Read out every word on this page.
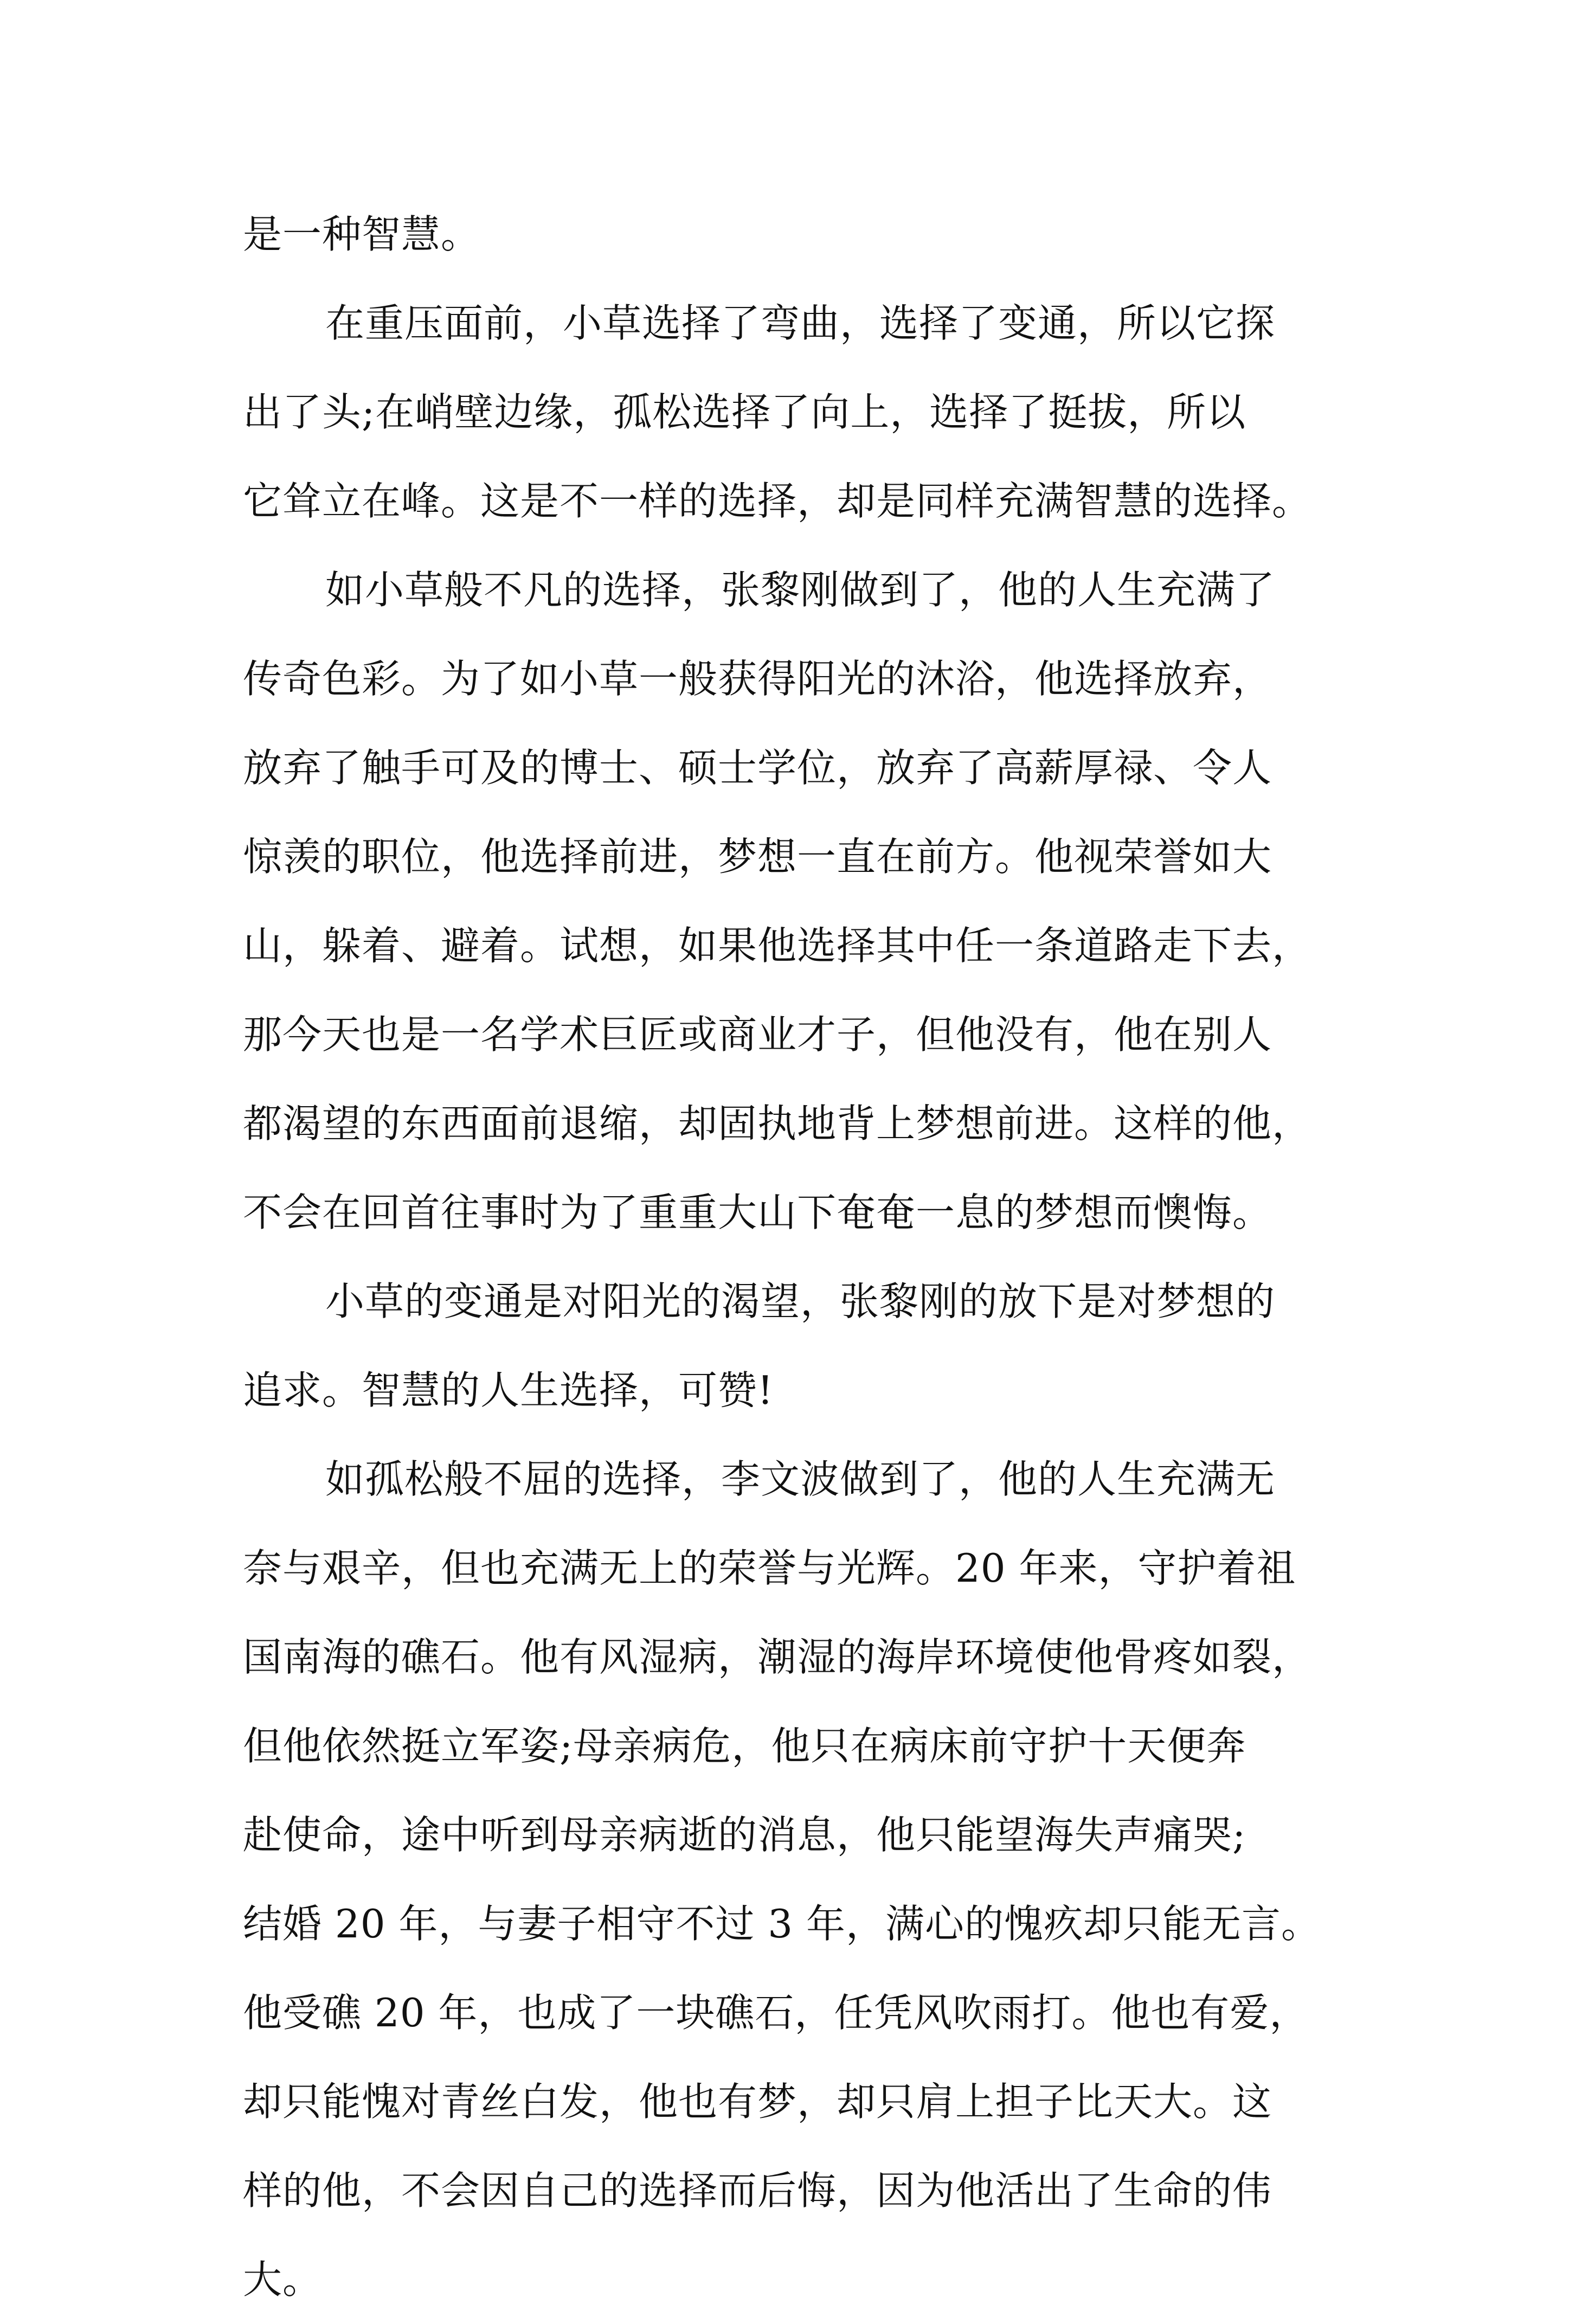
是一种智慧。
在重压面前，小草选择了弯曲，选择了变通，所以它探
出了头;在峭壁边缘，孤松选择了向上，选择了挺拔，所以
它耸立在峰。这是不一样的选择，却是同样充满智慧的选择。
如小草般不凡的选择，张黎刚做到了，他的人生充满了
传奇色彩。为了如小草一般获得阳光的沐浴，他选择放弃，
放弃了触手可及的博士、硕士学位，放弃了高薪厚禄、令人
惊羡的职位，他选择前进，梦想一直在前方。他视荣誉如大
山，躲着、避着。试想，如果他选择其中任一条道路走下去，
那今天也是一名学术巨匠或商业才子，但他没有，他在别人
都渴望的东西面前退缩，却固执地背上梦想前进。这样的他，
不会在回首往事时为了重重大山下奄奄一息的梦想而懊悔。
小草的变通是对阳光的渴望，张黎刚的放下是对梦想的
追求。智慧的人生选择，可赞!
如孤松般不屈的选择，李文波做到了，他的人生充满无
奈与艰辛，但也充满无上的荣誉与光辉。20 年来，守护着祖
国南海的礁石。他有风湿病，潮湿的海岸环境使他骨疼如裂，
但他依然挺立军姿;母亲病危，他只在病床前守护十天便奔
赴使命，途中听到母亲病逝的消息，他只能望海失声痛哭;
结婚 20 年，与妻子相守不过 3 年，满心的愧疚却只能无言。
他受礁 20 年，也成了一块礁石，任凭风吹雨打。他也有爱，
却只能愧对青丝白发，他也有梦，却只肩上担子比天大。这
样的他，不会因自己的选择而后悔，因为他活出了生命的伟
大。
